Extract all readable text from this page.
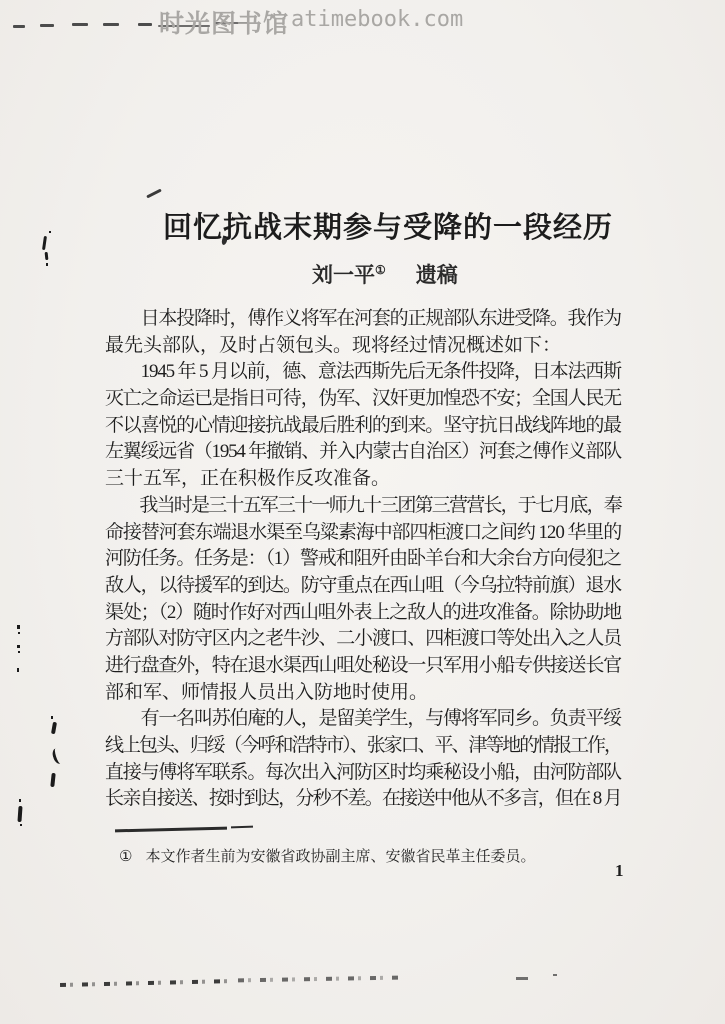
时光图书馆 atimebook.com
回忆抗战末期参与受降的一段经历
刘一平① 遗稿
　　日本投降时，傅作义将军在河套的正规部队东进受降。我作为
最先头部队，及时占领包头。现将经过情况概述如下：
　　1945 年 5 月以前，德、意法西斯先后无条件投降，日本法西斯
灭亡之命运已是指日可待，伪军、汉奸更加惶恐不安；全国人民无
不以喜悦的心情迎接抗战最后胜利的到来。坚守抗日战线阵地的最
左翼绥远省（1954 年撤销、并入内蒙古自治区）河套之傅作义部队
三十五军，正在积极作反攻准备。
　　我当时是三十五军三十一师九十三团第三营营长，于七月底，奉
命接替河套东端退水渠至乌粱素海中部四柜渡口之间约 120 华里的
河防任务。任务是：（1）警戒和阻歼由卧羊台和大余台方向侵犯之
敌人，以待援军的到达。防守重点在西山咀（今乌拉特前旗）退水
渠处；（2）随时作好对西山咀外表上之敌人的进攻准备。除协助地
方部队对防守区内之老牛沙、二小渡口、四柜渡口等处出入之人员
进行盘查外，特在退水渠西山咀处秘设一只军用小船专供接送长官
部和军、师情报人员出入防地时使用。
　　有一名叫苏伯庵的人，是留美学生，与傅将军同乡。负责平绥
线上包头、归绥（今呼和浩特市）、张家口、平、津等地的情报工作，
直接与傅将军联系。每次出入河防区时均乘秘设小船，由河防部队
长亲自接送、按时到达，分秒不差。在接送中他从不多言，但在 8 月
① 本文作者生前为安徽省政协副主席、安徽省民革主任委员。
1
